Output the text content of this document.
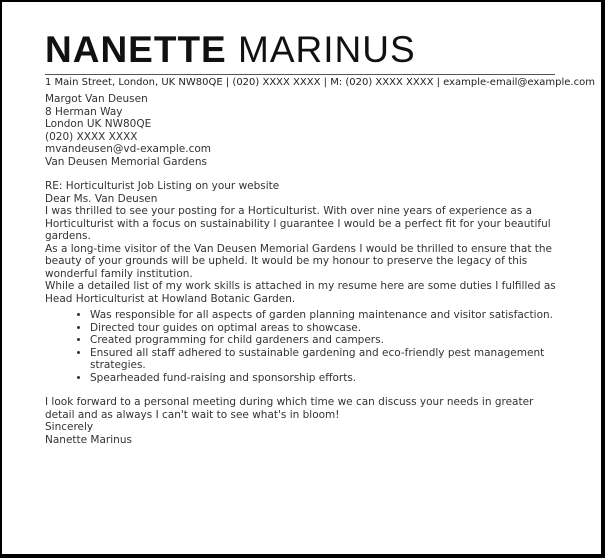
NANETTE MARINUS
1 Main Street, London, UK NW80QE | (020) XXXX XXXX | M: (020) XXXX XXXX | example-email@example.com
Margot Van Deusen
8 Herman Way
London UK NW80QE
(020) XXXX XXXX
mvandeusen@vd-example.com
Van Deusen Memorial Gardens

RE: Horticulturist Job Listing on your website

Dear Ms. Van Deusen

I was thrilled to see your posting for a Horticulturist. With over nine years of experience as a Horticulturist with a focus on sustainability I guarantee I would be a perfect fit for your beautiful gardens.

As a long-time visitor of the Van Deusen Memorial Gardens I would be thrilled to ensure that the beauty of your grounds will be upheld. It would be my honour to preserve the legacy of this wonderful family institution.

While a detailed list of my work skills is attached in my resume here are some duties I fulfilled as Head Horticulturist at Howland Botanic Garden.

• Was responsible for all aspects of garden planning maintenance and visitor satisfaction.
• Directed tour guides on optimal areas to showcase.
• Created programming for child gardeners and campers.
• Ensured all staff adhered to sustainable gardening and eco-friendly pest management strategies.
• Spearheaded fund-raising and sponsorship efforts.

I look forward to a personal meeting during which time we can discuss your needs in greater detail and as always I can't wait to see what's in bloom!

Sincerely

Nanette Marinus
